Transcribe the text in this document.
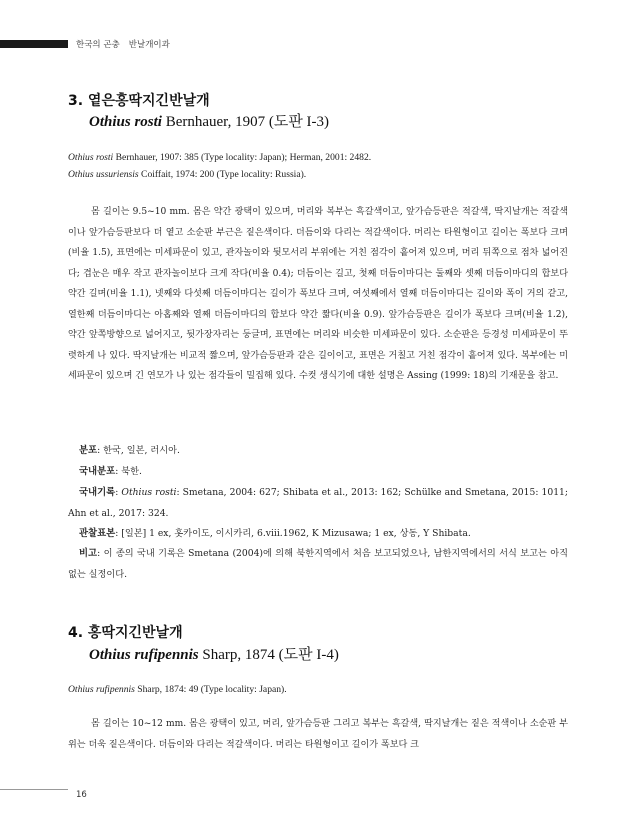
한국의 곤충 반날개이과
3. 옅은홍딱지긴반날개
Othius rosti Bernhauer, 1907 (도판 I-3)
Othius rosti Bernhauer, 1907: 385 (Type locality: Japan); Herman, 2001: 2482.
Othius ussuriensis Coiffait, 1974: 200 (Type locality: Russia).

몸 길이는 9.5~10 mm. 몸은 약간 광택이 있으며, 머리와 복부는 흑갈색이고, 앞가슴등판은 적갈색, 딱지날개는 적갈색이나 앞가슴등판보다 더 옅고 소순판 부근은 짙은색이다. 더듬이와 다리는 적갈색이다. 머리는 타원형이고 길이는 폭보다 크며(비율 1.5), 표면에는 미세파문이 있고, 관자놀이와 뒷모서리 부위에는 거친 점각이 흩어져 있으며, 머리 뒤쪽으로 점차 넓어진다; 겹눈은 매우 작고 관자놀이보다 크게 작다(비율 0.4); 더듬이는 길고, 첫째 더듬이마디는 둘째와 셋째 더듬이마디의 합보다 약간 길며(비율 1.1), 넷째와 다섯째 더듬이마디는 길이가 폭보다 크며, 여섯째에서 열째 더듬이마디는 길이와 폭이 거의 같고, 열한째 더듬이마디는 아홉째와 열째 더듬이마디의 합보다 약간 짧다(비율 0.9). 앞가슴등판은 길이가 폭보다 크며(비율 1.2), 약간 앞쪽방향으로 넓어지고, 뒷가장자리는 둥글며, 표면에는 머리와 비슷한 미세파문이 있다. 소순판은 등경성 미세파문이 뚜렷하게 나 있다. 딱지날개는 비교적 짧으며, 앞가슴등판과 같은 길이이고, 표면은 거칠고 거친 점각이 흩어져 있다. 복부에는 미세파문이 있으며 긴 연모가 나 있는 점각들이 밀집해 있다. 수컷 생식기에 대한 설명은 Assing (1999: 18)의 기재문을 참고.

분포: 한국, 일본, 러시아.
국내분포: 북한.
국내기록: Othius rosti: Smetana, 2004: 627; Shibata et al., 2013: 162; Schülke and Smetana, 2015: 1011; Ahn et al., 2017: 324.
관찰표본: [일본] 1 ex, 홋카이도, 이시카리, 6.viii.1962, K Mizusawa; 1 ex, 상동, Y Shibata.
비고: 이 종의 국내 기록은 Smetana (2004)에 의해 북한지역에서 처음 보고되었으나, 남한지역에서의 서식 보고는 아직 없는 실정이다.
4. 홍딱지긴반날개
Othius rufipennis Sharp, 1874 (도판 I-4)
Othius rufipennis Sharp, 1874: 49 (Type locality: Japan).

몸 길이는 10~12 mm. 몸은 광택이 있고, 머리, 앞가슴등판 그리고 복부는 흑갈색, 딱지날개는 짙은 적색이나 소순판 부위는 더욱 짙은색이다. 더듬이와 다리는 적갈색이다. 머리는 타원형이고 길이가 폭보다 크

16
